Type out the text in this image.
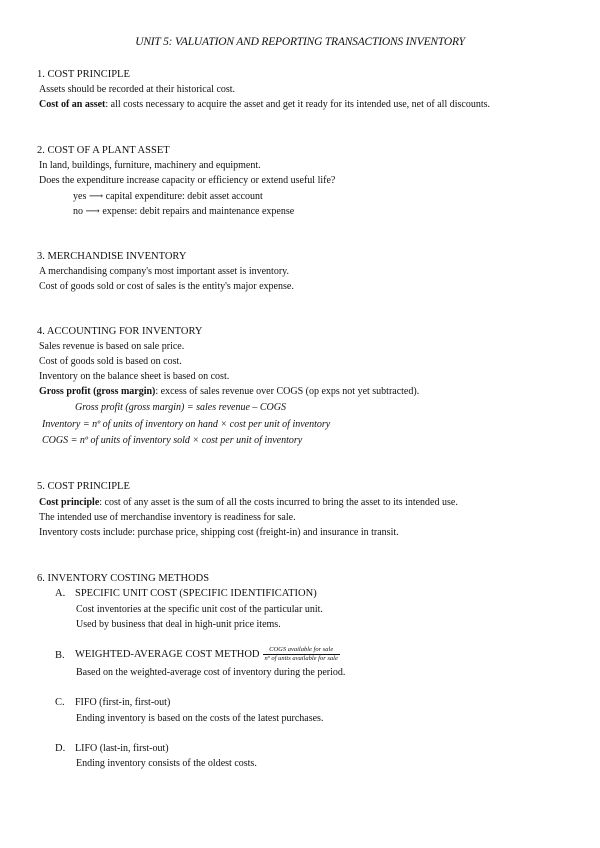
UNIT 5: VALUATION AND REPORTING TRANSACTIONS INVENTORY
1. COST PRINCIPLE
Assets should be recorded at their historical cost.
Cost of an asset: all costs necessary to acquire the asset and get it ready for its intended use, net of all discounts.
2. COST OF A PLANT ASSET
In land, buildings, furniture, machinery and equipment.
Does the expenditure increase capacity or efficiency or extend useful life?
yes ⟶ capital expenditure: debit asset account
no ⟶ expense: debit repairs and maintenance expense
3. MERCHANDISE INVENTORY
A merchandising company's most important asset is inventory.
Cost of goods sold or cost of sales is the entity's major expense.
4. ACCOUNTING FOR INVENTORY
Sales revenue is based on sale price.
Cost of goods sold is based on cost.
Inventory on the balance sheet is based on cost.
Gross profit (gross margin): excess of sales revenue over COGS (op exps not yet subtracted).
Gross profit (gross margin) = sales revenue – COGS
Inventory = nº of units of inventory on hand × cost per unit of inventory
COGS = nº of units of inventory sold × cost per unit of inventory
5. COST PRINCIPLE
Cost principle: cost of any asset is the sum of all the costs incurred to bring the asset to its intended use.
The intended use of merchandise inventory is readiness for sale.
Inventory costs include: purchase price, shipping cost (freight-in) and insurance in transit.
6. INVENTORY COSTING METHODS
A. SPECIFIC UNIT COST (SPECIFIC IDENTIFICATION)
Cost inventories at the specific unit cost of the particular unit.
Used by business that deal in high-unit price items.
B. WEIGHTED-AVERAGE COST METHOD $\frac{\text{COGS available for sale}}{\text{nº of units available for sale}}$
Based on the weighted-average cost of inventory during the period.
C. FIFO (first-in, first-out)
Ending inventory is based on the costs of the latest purchases.
D. LIFO (last-in, first-out)
Ending inventory consists of the oldest costs.
